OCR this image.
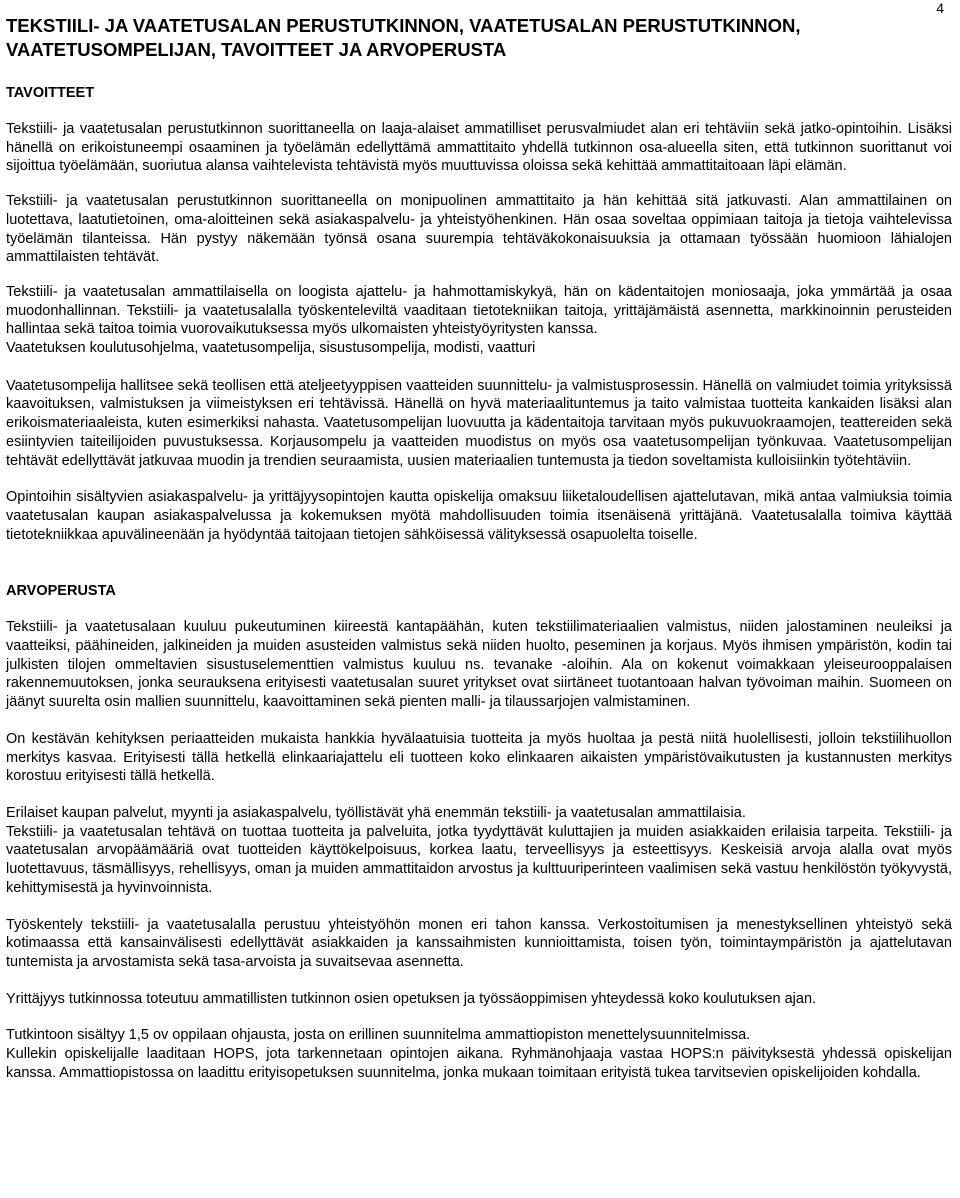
4
TEKSTIILI- JA VAATETUSALAN PERUSTUTKINNON, VAATETUSALAN PERUSTUTKINNON, VAATETUSOMPELIJAN, TAVOITTEET JA ARVOPERUSTA
TAVOITTEET

Tekstiili- ja vaatetusalan perustutkinnon suorittaneella on laaja-alaiset ammatilliset perusvalmiudet alan eri tehtäviin sekä jatko-opintoihin. Lisäksi hänellä on erikoistuneempi osaaminen ja työelämän edellyttämä ammattitaito yhdellä tutkinnon osa-alueella siten, että tutkinnon suorittanut voi sijoittua työelämään, suoriutua alansa vaihtelevista tehtävistä myös muuttuvissa oloissa sekä kehittää ammattitaitoaan läpi elämän.

Tekstiili- ja vaatetusalan perustutkinnon suorittaneella on monipuolinen ammattitaito ja hän kehittää sitä jatkuvasti. Alan ammattilainen on luotettava, laatutietoinen, oma-aloitteinen sekä asiakaspalvelu- ja yhteistyöhenkinen. Hän osaa soveltaa oppimiaan taitoja ja tietoja vaihtelevissa työelämän tilanteissa. Hän pystyy näkemään työnsä osana suurempia tehtäväkokonaisuuksia ja ottamaan työssään huomioon lähialojen ammattilaisten tehtävät.

Tekstiili- ja vaatetusalan ammattilaisella on loogista ajattelu- ja hahmottamiskykyä, hän on kädentaitojen moniosaaja, joka ymmärtää ja osaa muodonhallinnan. Tekstiili- ja vaatetusalalla työskenteleviltä vaaditaan tietotekniikan taitoja, yrittäjämäistä asennetta, markkinoinnin perusteiden hallintaa sekä taitoa toimia vuorovaikutuksessa myös ulkomaisten yhteistyöyritysten kanssa.

Vaatetuksen koulutusohjelma, vaatetusompelija, sisustusompelija, modisti, vaatturi

Vaatetusompelija hallitsee sekä teollisen että ateljeetyyppisen vaatteiden suunnittelu- ja valmistusprosessin. Hänellä on valmiudet toimia yrityksissä kaavoituksen, valmistuksen ja viimeistyksen eri tehtävissä. Hänellä on hyvä materiaalituntemus ja taito valmistaa tuotteita kankaiden lisäksi alan erikoismateriaaleista, kuten esimerkiksi nahasta. Vaatetusompelijan luovuutta ja kädentaitoja tarvitaan myös pukuvuokraamojen, teattereiden sekä esiintyvien taiteilijoiden puvustuksessa. Korjausompelu ja vaatteiden muodistus on myös osa vaatetusompelijan työnkuvaa. Vaatetusompelijan tehtävät edellyttävät jatkuvaa muodin ja trendien seuraamista, uusien materiaalien tuntemusta ja tiedon soveltamista kulloisiinkin työtehtäviin.

Opintoihin sisältyvien asiakaspalvelu- ja yrittäjyysopintojen kautta opiskelija omaksuu liiketaloudellisen ajattelutavan, mikä antaa valmiuksia toimia vaatetusalan kaupan asiakaspalvelussa ja kokemuksen myötä mahdollisuuden toimia itsenäisenä yrittäjänä. Vaatetusalalla toimiva käyttää tietotekniikkaa apuvälineenään ja hyödyntää taitojaan tietojen sähköisessä välityksessä osapuolelta toiselle.

ARVOPERUSTA

Tekstiili- ja vaatetusalaan kuuluu pukeutuminen kiireestä kantapäähän, kuten tekstiilimateriaalien valmistus, niiden jalostaminen neuleiksi ja vaatteiksi, päähineiden, jalkineiden ja muiden asusteiden valmistus sekä niiden huolto, peseminen ja korjaus. Myös ihmisen ympäristön, kodin tai julkisten tilojen ommeltavien sisustuselementtien valmistus kuuluu ns. tevanake -aloihin. Ala on kokenut voimakkaan yleiseurooppalaisen rakennemuutoksen, jonka seurauksena erityisesti vaatetusalan suuret yritykset ovat siirtäneet tuotantoaan halvan työvoiman maihin. Suomeen on jäänyt suurelta osin mallien suunnittelu, kaavoittaminen sekä pienten malli- ja tilaussarjojen valmistaminen.

On kestävän kehityksen periaatteiden mukaista hankkia hyvälaatuisia tuotteita ja myös huoltaa ja pestä niitä huolellisesti, jolloin tekstiilihuollon merkitys kasvaa. Erityisesti tällä hetkellä elinkaariajattelu eli tuotteen koko elinkaaren aikaisten ympäristövaikutusten ja kustannusten merkitys korostuu erityisesti tällä hetkellä.

Erilaiset kaupan palvelut, myynti ja asiakaspalvelu, työllistävät yhä enemmän tekstiili- ja vaatetusalan ammattilaisia.

Tekstiili- ja vaatetusalan tehtävä on tuottaa tuotteita ja palveluita, jotka tyydyttävät kuluttajien ja muiden asiakkaiden erilaisia tarpeita. Tekstiili- ja vaatetusalan arvopäämääriä ovat tuotteiden käyttökelpoisuus, korkea laatu, terveellisyys ja esteettisyys. Keskeisiä arvoja alalla ovat myös luotettavuus, täsmällisyys, rehellisyys, oman ja muiden ammattitaidon arvostus ja kulttuuriperinteen vaalimisen sekä vastuu henkilöstön työkyvystä, kehittymisestä ja hyvinvoinnista.

Työskentely tekstiili- ja vaatetusalalla perustuu yhteistyöhön monen eri tahon kanssa. Verkostoitumisen ja menestyksellinen yhteistyö sekä kotimaassa että kansainvälisesti edellyttävät asiakkaiden ja kanssaihmisten kunnioittamista, toisen työn, toimintaympäristön ja ajattelutavan tuntemista ja arvostamista sekä tasa-arvoista ja suvaitsevaa asennetta.

Yrittäjyys tutkinnossa toteutuu ammatillisten tutkinnon osien opetuksen ja työssäoppimisen yhteydessä koko koulutuksen ajan.

Tutkintoon sisältyy 1,5 ov oppilaan ohjausta, josta on erillinen suunnitelma ammattiopiston menettelysuunnitelmissa.

Kullekin opiskelijalle laaditaan HOPS, jota tarkennetaan opintojen aikana. Ryhmänohjaaja vastaa HOPS:n päivityksestä yhdessä opiskelijan kanssa. Ammattiopistossa on laadittu erityisopetuksen suunnitelma, jonka mukaan toimitaan erityistä tukea tarvitsevien opiskelijoiden kohdalla.
